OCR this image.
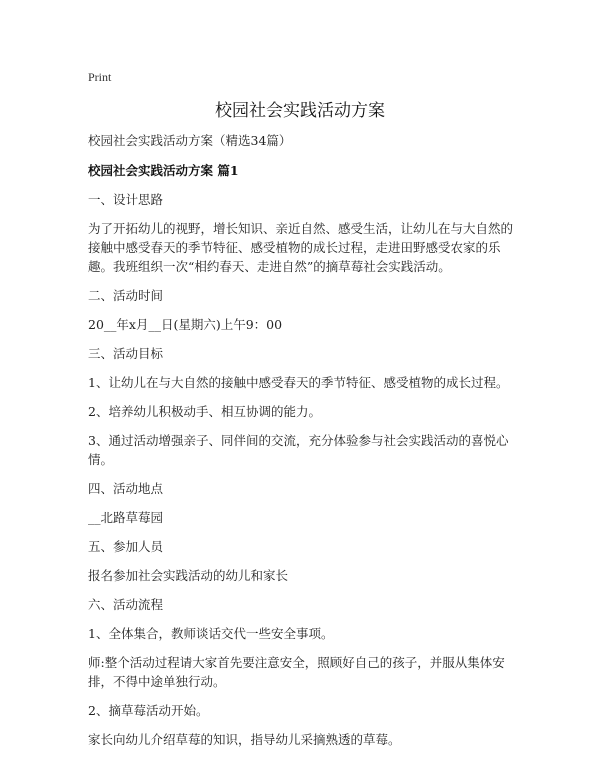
Print
校园社会实践活动方案

校园社会实践活动方案（精选34篇）

校园社会实践活动方案 篇1

一、设计思路

为了开拓幼儿的视野，增长知识、亲近自然、感受生活，让幼儿在与大自然的接触中感受春天的季节特征、感受植物的成长过程，走进田野感受农家的乐趣。我班组织一次“相约春天、走进自然”的摘草莓社会实践活动。

二、活动时间

20__年x月__日(星期六)上午9：00

三、活动目标

1、让幼儿在与大自然的接触中感受春天的季节特征、感受植物的成长过程。

2、培养幼儿积极动手、相互协调的能力。

3、通过活动增强亲子、同伴间的交流，充分体验参与社会实践活动的喜悦心情。

四、活动地点

__北路草莓园

五、参加人员

报名参加社会实践活动的幼儿和家长

六、活动流程

1、全体集合，教师谈话交代一些安全事项。

师:整个活动过程请大家首先要注意安全，照顾好自己的孩子，并服从集体安排，不得中途单独行动。

2、摘草莓活动开始。

家长向幼儿介绍草莓的知识，指导幼儿采摘熟透的草莓。
